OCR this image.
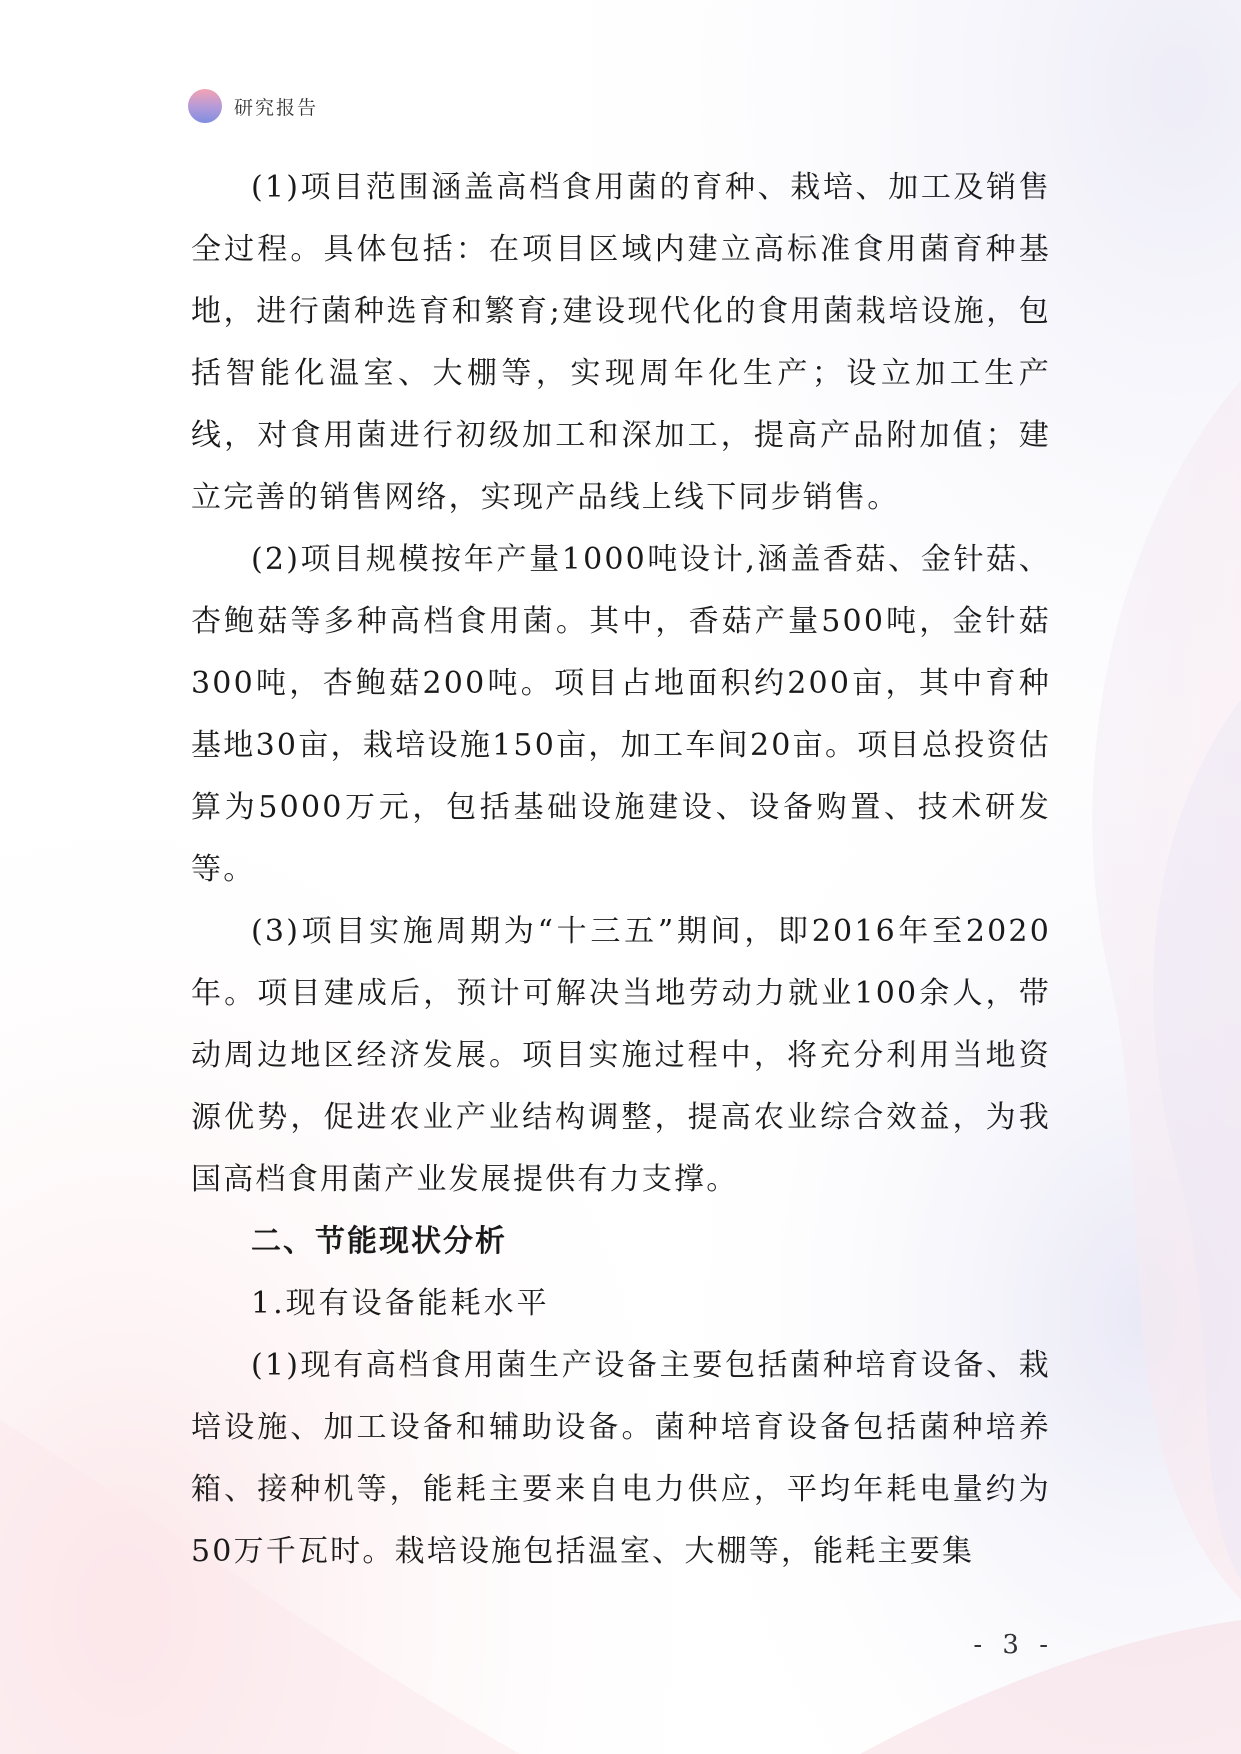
研究报告

(1)项目范围涵盖高档食用菌的育种、栽培、加工及销售全过程。具体包括：在项目区域内建立高标准食用菌育种基地，进行菌种选育和繁育;建设现代化的食用菌栽培设施，包括智能化温室、大棚等，实现周年化生产；设立加工生产线，对食用菌进行初级加工和深加工，提高产品附加值；建立完善的销售网络，实现产品线上线下同步销售。

(2)项目规模按年产量1000吨设计,涵盖香菇、金针菇、杏鲍菇等多种高档食用菌。其中，香菇产量500吨，金针菇300吨，杏鲍菇200吨。项目占地面积约200亩，其中育种基地30亩，栽培设施150亩，加工车间20亩。项目总投资估算为5000万元，包括基础设施建设、设备购置、技术研发等。

(3)项目实施周期为“十三五”期间，即2016年至2020年。项目建成后，预计可解决当地劳动力就业100余人，带动周边地区经济发展。项目实施过程中，将充分利用当地资源优势，促进农业产业结构调整，提高农业综合效益，为我国高档食用菌产业发展提供有力支撑。

二、节能现状分析

1.现有设备能耗水平

(1)现有高档食用菌生产设备主要包括菌种培育设备、栽培设施、加工设备和辅助设备。菌种培育设备包括菌种培养箱、接种机等，能耗主要来自电力供应，平均年耗电量约为50万千瓦时。栽培设施包括温室、大棚等，能耗主要集

- 3 -
